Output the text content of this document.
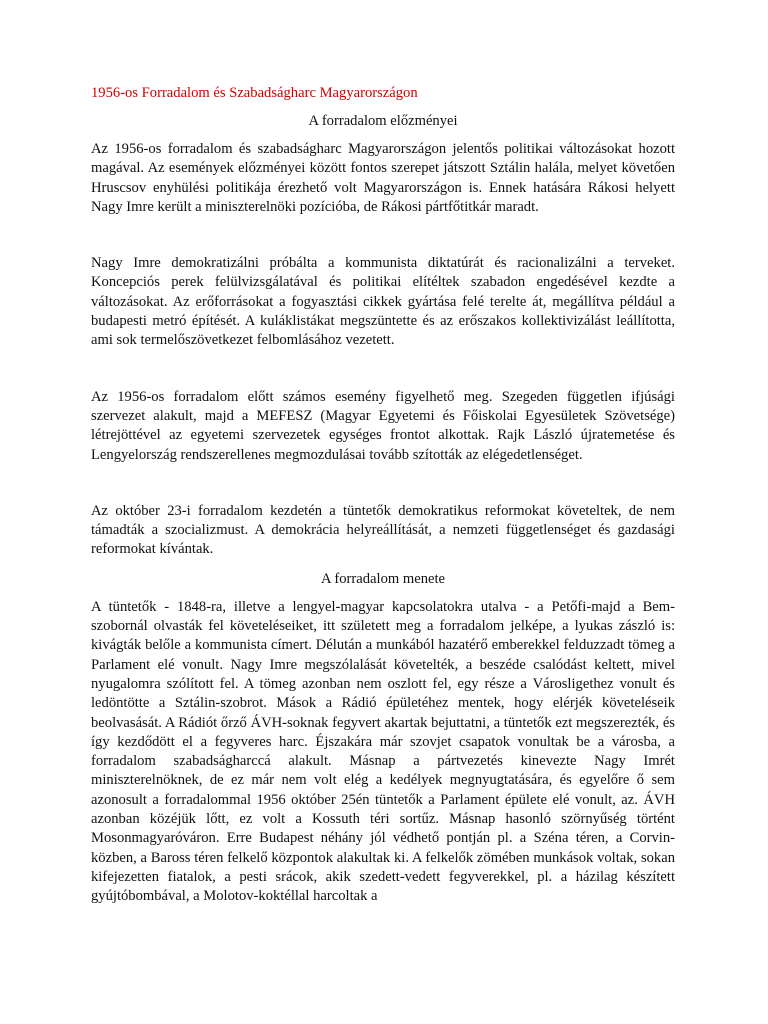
1956-os Forradalom és Szabadságharc Magyarországon
A forradalom előzményei

Az 1956-os forradalom és szabadságharc Magyarországon jelentős politikai változásokat hozott magával. Az események előzményei között fontos szerepet játszott Sztálin halála, melyet követően Hruscsov enyhülési politikája érezhető volt Magyarországon is. Ennek hatására Rákosi helyett Nagy Imre került a miniszterelnöki pozícióba, de Rákosi pártfőtitkár maradt.

Nagy Imre demokratizálni próbálta a kommunista diktatúrát és racionalizálni a terveket. Koncepciós perek felülvizsgálatával és politikai elítéltek szabadon engedésével kezdte a változásokat. Az erőforrásokat a fogyasztási cikkek gyártása felé terelte át, megállítva például a budapesti metró építését. A kuláklistákat megszüntette és az erőszakos kollektivizálást leállította, ami sok termelőszövetkezet felbomlásához vezetett.

Az 1956-os forradalom előtt számos esemény figyelhető meg. Szegeden független ifjúsági szervezet alakult, majd a MEFESZ (Magyar Egyetemi és Főiskolai Egyesületek Szövetsége) létrejöttével az egyetemi szervezetek egységes frontot alkottak. Rajk László újratemetése és Lengyelország rendszerellenes megmozdulásai tovább szították az elégedetlenséget.

Az október 23-i forradalom kezdetén a tüntetők demokratikus reformokat követeltek, de nem támadták a szocializmust. A demokrácia helyreállítását, a nemzeti függetlenséget és gazdasági reformokat kívántak.

A forradalom menete

A tüntetők - 1848-ra, illetve a lengyel-magyar kapcsolatokra utalva - a Petőfi-majd a Bem-szobornál olvasták fel követeléseiket, itt született meg a forradalom jelképe, a lyukas zászló is: kivágták belőle a kommunista címert. Délután a munkából hazatérő emberekkel felduzzadt tömeg a Parlament elé vonult. Nagy Imre megszólalását követelték, a beszéde csalódást keltett, mivel nyugalomra szólított fel. A tömeg azonban nem oszlott fel, egy része a Városligethez vonult és ledöntötte a Sztálin-szobrot. Mások a Rádió épületéhez mentek, hogy elérjék követeléseik beolvasását. A Rádiót őrző ÁVH-soknak fegyvert akartak bejuttatni, a tüntetők ezt megszerezték, és így kezdődött el a fegyveres harc. Éjszakára már szovjet csapatok vonultak be a városba, a forradalom szabadságharccá alakult. Másnap a pártvezetés kinevezte Nagy Imrét miniszterelnöknek, de ez már nem volt elég a kedélyek megnyugtatására, és egyelőre ő sem azonosult a forradalommal 1956 október 25én tüntetők a Parlament épülete elé vonult, az. ÁVH azonban közéjük lőtt, ez volt a Kossuth téri sortűz. Másnap hasonló szörnyűség történt Mosonmagyaróváron. Erre Budapest néhány jól védhető pontján pl. a Széna téren, a Corvin-közben, a Baross téren felkelő központok alakultak ki. A felkelők zömében munkások voltak, sokan kifejezetten fiatalok, a pesti srácok, akik szedett-vedett fegyverekkel, pl. a házilag készített gyújtóbombával, a Molotov-koktéllal harcoltak a
